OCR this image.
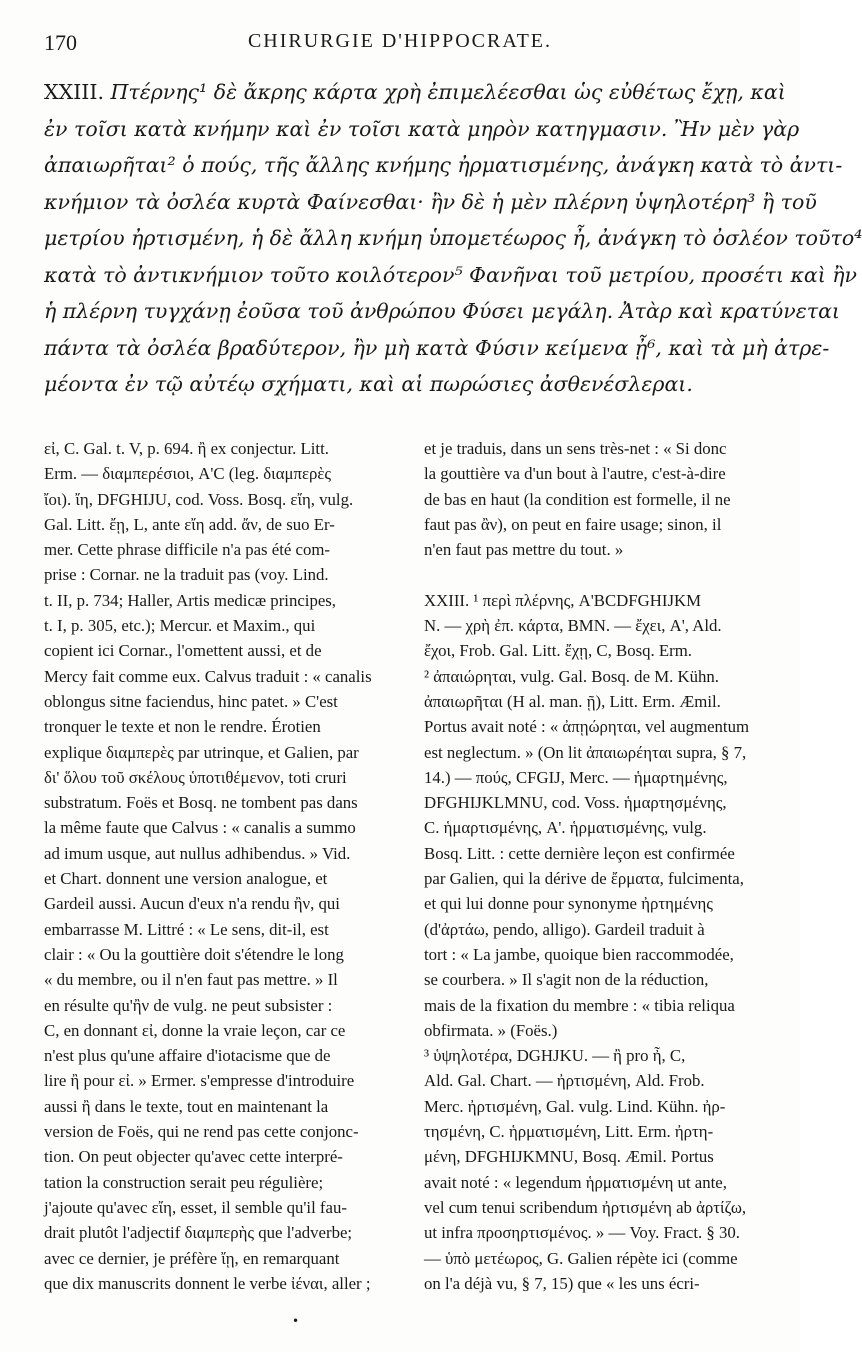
170	CHIRURGIE D'HIPPOCRATE.
XXIII. Πτέρνης¹ δὲ ἄκρης κάρτα χρὴ ἐπιμελέεσθαι ὡς εὐθέτως ἔχῃ, καὶ
ἐν τοῖσι κατὰ κνήμην καὶ ἐν τοῖσι κατὰ μηρὸν κατηγμασιν. Ἢν μὲν γὰρ
ἀπαιωρῆται² ὁ πούς, τῆς ἄλλης κνήμης ἠρματισμένης, ἀνάγκη κατὰ τὸ ἀντι-
κνήμιον τὰ ὀσλέα κυρτὰ Φαίνεσθαι· ἢν δὲ ἡ μὲν πλέρνη ὑψηλοτέρη³ ἢ τοῦ
μετρίου ἠρτισμένη, ἡ δὲ ἄλλη κνήμη ὑπομετέωρος ἦ, ἀνάγκη τὸ ὀσλέον τοῦτο⁴
κατὰ τὸ ἀντικνήμιον τοῦτο κοιλότερον⁵ Φανῆναι τοῦ μετρίου, προσέτι καὶ ἢν
ἡ πλέρνη τυγχάνῃ ἐοῦσα τοῦ ἀνθρώπου Φύσει μεγάλη. Ἀτὰρ καὶ κρατύνεται
πάντα τὰ ὀσλέα βραδύτερον, ἢν μὴ κατὰ Φύσιν κείμενα ᾖ⁶, καὶ τὰ μὴ ἀτρε-
μέοντα ἐν τῷ αὐτέῳ σχήματι, καὶ αἱ πωρώσιες ἀσθενέσλεραι.
εἰ, C. Gal. t. V, p. 694. ἢ ex conjectur. Litt.
Erm. — διαμπερέσιοι, A'C (leg. διαμπερὲς
ἴοι). ἴη, DFGHIJU, cod. Voss. Bosq. εἴη, vulg.
Gal. Litt. ἔῃ, L, ante εἴη add. ἄν, de suo Er-
mer. Cette phrase difficile n'a pas été com-
prise : Cornar. ne la traduit pas (voy. Lind.
t. II, p. 734; Haller, Artis medicæ principes,
t. I, p. 305, etc.); Mercur. et Maxim., qui
copient ici Cornar., l'omettent aussi, et de
Mercy fait comme eux. Calvus traduit : « canalis
oblongus sitne faciendus, hinc patet. » C'est
tronquer le texte et non le rendre. Érotien
explique διαμπερὲς par utrinque, et Galien, par
δι' ὅλου τοῦ σκέλους ὑποτιθέμενον, toti cruri
substratum. Foës et Bosq. ne tombent pas dans
la même faute que Calvus : « canalis a summo
ad imum usque, aut nullus adhibendus. » Vid.
et Chart. donnent une version analogue, et
Gardeil aussi. Aucun d'eux n'a rendu ἢν, qui
embarrasse M. Littré : « Le sens, dit-il, est
clair : « Ou la gouttière doit s'étendre le long
« du membre, ou il n'en faut pas mettre. » Il
en résulte qu'ἢν de vulg. ne peut subsister :
C, en donnant εἰ, donne la vraie leçon, car ce
n'est plus qu'une affaire d'iotacisme que de
lire ἢ pour εἰ. » Ermer. s'empresse d'introduire
aussi ἢ dans le texte, tout en maintenant la
version de Foës, qui ne rend pas cette conjonc-
tion. On peut objecter qu'avec cette interpré-
tation la construction serait peu régulière;
j'ajoute qu'avec εἴη, esset, il semble qu'il fau-
drait plutôt l'adjectif διαμπερὴς que l'adverbe;
avec ce dernier, je préfère ἴῃ, en remarquant
que dix manuscrits donnent le verbe ἰέναι, aller ;
et je traduis, dans un sens très-net : « Si donc
la gouttière va d'un bout à l'autre, c'est-à-dire
de bas en haut (la condition est formelle, il ne
faut pas ἂν), on peut en faire usage; sinon, il
n'en faut pas mettre du tout. »
XXIII. ¹ περὶ πλέρνης, A'BCDFGHIJKM
N. — χρὴ ἐπ. κάρτα, BMN. — ἔχει, A', Ald.
ἔχοι, Frob. Gal. Litt. ἔχῃ, C, Bosq. Erm.
² ἀπαιώρηται, vulg. Gal. Bosq. de M. Kühn.
ἀπαιωρῆται (H al. man. ῇ), Litt. Erm. Æmil.
Portus avait noté : « ἀπῃώρηται, vel augmentum
est neglectum. » (On lit ἀπαιωρέηται supra, § 7,
14.) — πούς, CFGIJ, Merc. — ἡμαρτημένης,
DFGHIJKLMNU, cod. Voss. ἡμαρτησμένης,
C. ἡμαρτισμένης, A'. ἡρματισμένης, vulg.
Bosq. Litt. : cette dernière leçon est confirmée
par Galien, qui la dérive de ἔρματα, fulcimenta,
et qui lui donne pour synonyme ἠρτημένης
(d'ἀρτάω, pendo, alligo). Gardeil traduit à
tort : « La jambe, quoique bien raccommodée,
se courbera. » Il s'agit non de la réduction,
mais de la fixation du membre : « tibia reliqua
obfirmata. » (Foës.)
³ ὑψηλοτέρα, DGHJKU. — ἢ pro ἦ, C,
Ald. Gal. Chart. — ἠρτισμένη, Ald. Frob.
Merc. ἠρτισμένη, Gal. vulg. Lind. Kühn. ἠρ-
τησμένη, C. ἡρματισμένη, Litt. Erm. ἠρτη-
μένη, DFGHIJKMNU, Bosq. Æmil. Portus
avait noté : « legendum ἡρματισμένη ut ante,
vel cum tenui scribendum ἠρτισμένη ab ἀρτίζω,
ut infra προσηρτισμένος. » — Voy. Fract. § 30.
— ὑπὸ μετέωρος, G. Galien répète ici (comme
on l'a déjà vu, § 7, 15) que « les uns écri-
•
